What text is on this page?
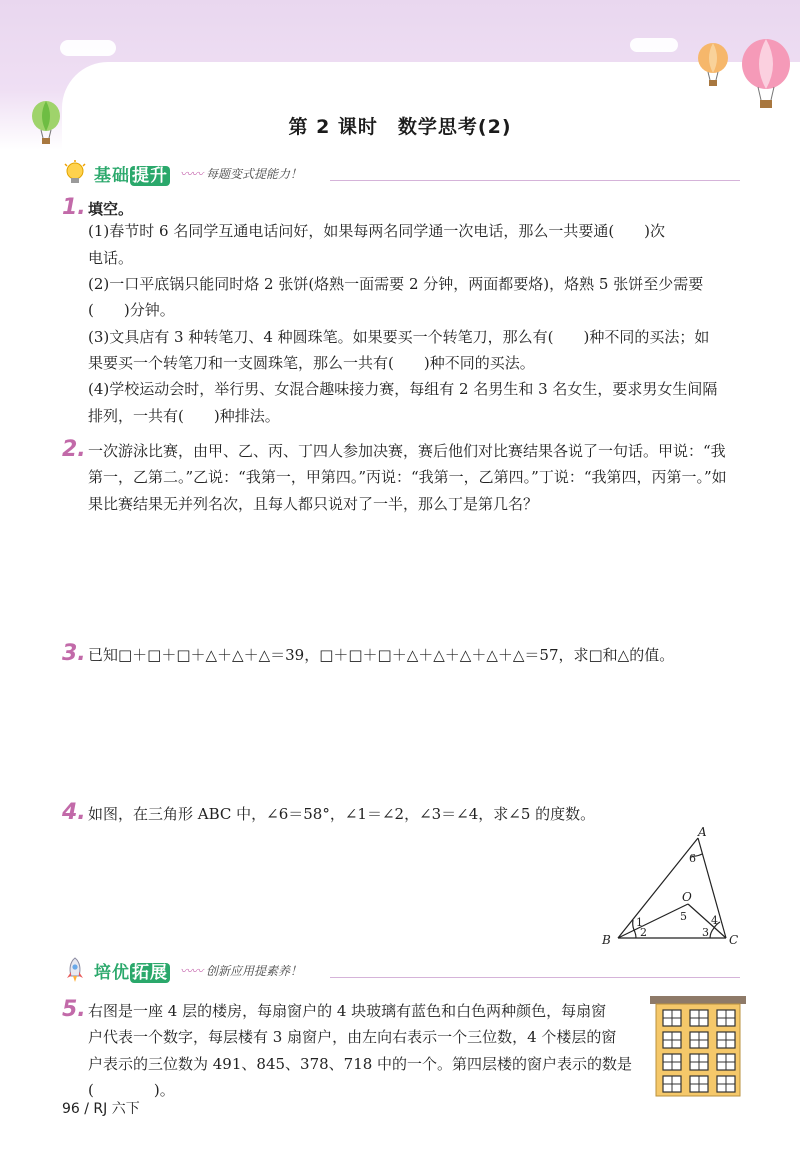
第 2 课时　数学思考(2)
基础 提升 〰〰 每题变式提能力！
1. 填空。
(1)春节时 6 名同学互通电话问好，如果每两名同学通一次电话，那么一共要通(　　)次
电话。
(2)一口平底锅只能同时烙 2 张饼(烙熟一面需要 2 分钟，两面都要烙)，烙熟 5 张饼至少需要
(　　)分钟。
(3)文具店有 3 种转笔刀、4 种圆珠笔。如果要买一个转笔刀，那么有(　　)种不同的买法；如
果要买一个转笔刀和一支圆珠笔，那么一共有(　　)种不同的买法。
(4)学校运动会时，举行男、女混合趣味接力赛，每组有 2 名男生和 3 名女生，要求男女生间隔
排列，一共有(　　)种排法。
2. 一次游泳比赛，由甲、乙、丙、丁四人参加决赛，赛后他们对比赛结果各说了一句话。甲说：“我
第一，乙第二。”乙说：“我第一，甲第四。”丙说：“我第一，乙第四。”丁说：“我第四，丙第一。”如
果比赛结果无并列名次，且每人都只说对了一半，那么丁是第几名？
3. 已知□＋□＋□＋△＋△＋△＝39，□＋□＋□＋△＋△＋△＋△＋△＝57，求□和△的值。
4. 如图，在三角形 ABC 中，∠6＝58°，∠1＝∠2，∠3＝∠4，求∠5 的度数。
A
B	C
O
1
2	3
4
5
6
培优 拓展 〰〰 创新应用提素养！
5. 右图是一座 4 层的楼房，每扇窗户的 4 块玻璃有蓝色和白色两种颜色，每扇窗
户代表一个数字，每层楼有 3 扇窗户，由左向右表示一个三位数，4 个楼层的窗
户表示的三位数为 491、845、378、718 中的一个。第四层楼的窗户表示的数是
(　　　　)。
96 / RJ 六下
